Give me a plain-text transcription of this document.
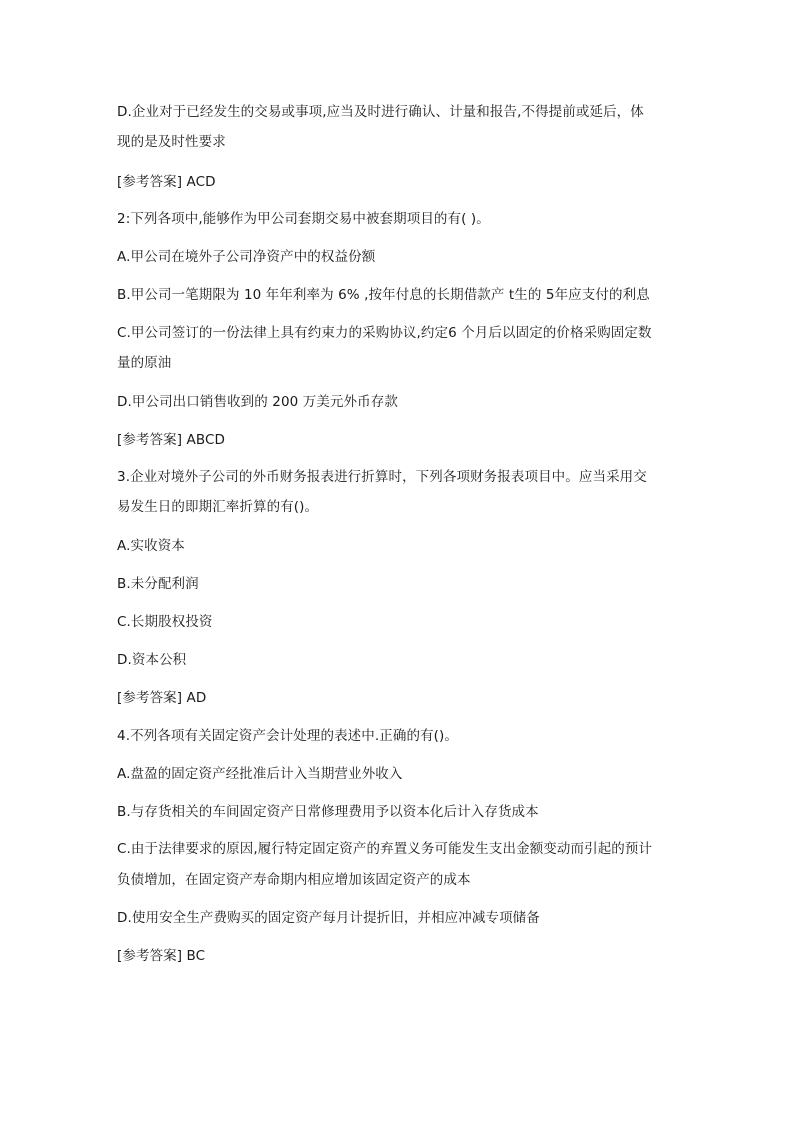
D.企业对于已经发生的交易或事项,应当及时进行确认、计量和报告,不得提前或延后，体
现的是及时性要求
[参考答案] ACD
2:下列各项中,能够作为甲公司套期交易中被套期项目的有( )。
A.甲公司在境外子公司净资产中的权益份额
B.甲公司一笔期限为 10 年年利率为 6% ,按年付息的长期借款产 t生的 5年应支付的利息
C.甲公司签订的一份法律上具有约束力的采购协议,约定6 个月后以固定的价格采购固定数
量的原油
D.甲公司出口销售收到的 200 万美元外币存款
[参考答案] ABCD
3.企业对境外子公司的外币财务报表进行折算时，下列各项财务报表项目中。应当采用交
易发生日的即期汇率折算的有()。
A.实收资本
B.未分配利润
C.长期股权投资
D.资本公积
[参考答案] AD
4.不列各项有关固定资产会计处理的表述中.正确的有()。
A.盘盈的固定资产经批准后计入当期营业外收入
B.与存货相关的车间固定资产日常修理费用予以资本化后计入存货成本
C.由于法律要求的原因,履行特定固定资产的弃置义务可能发生支出金额变动而引起的预计
负债增加，在固定资产寿命期内相应增加该固定资产的成本
D.使用安全生产费购买的固定资产每月计提折旧，并相应冲减专项储备
[参考答案] BC
